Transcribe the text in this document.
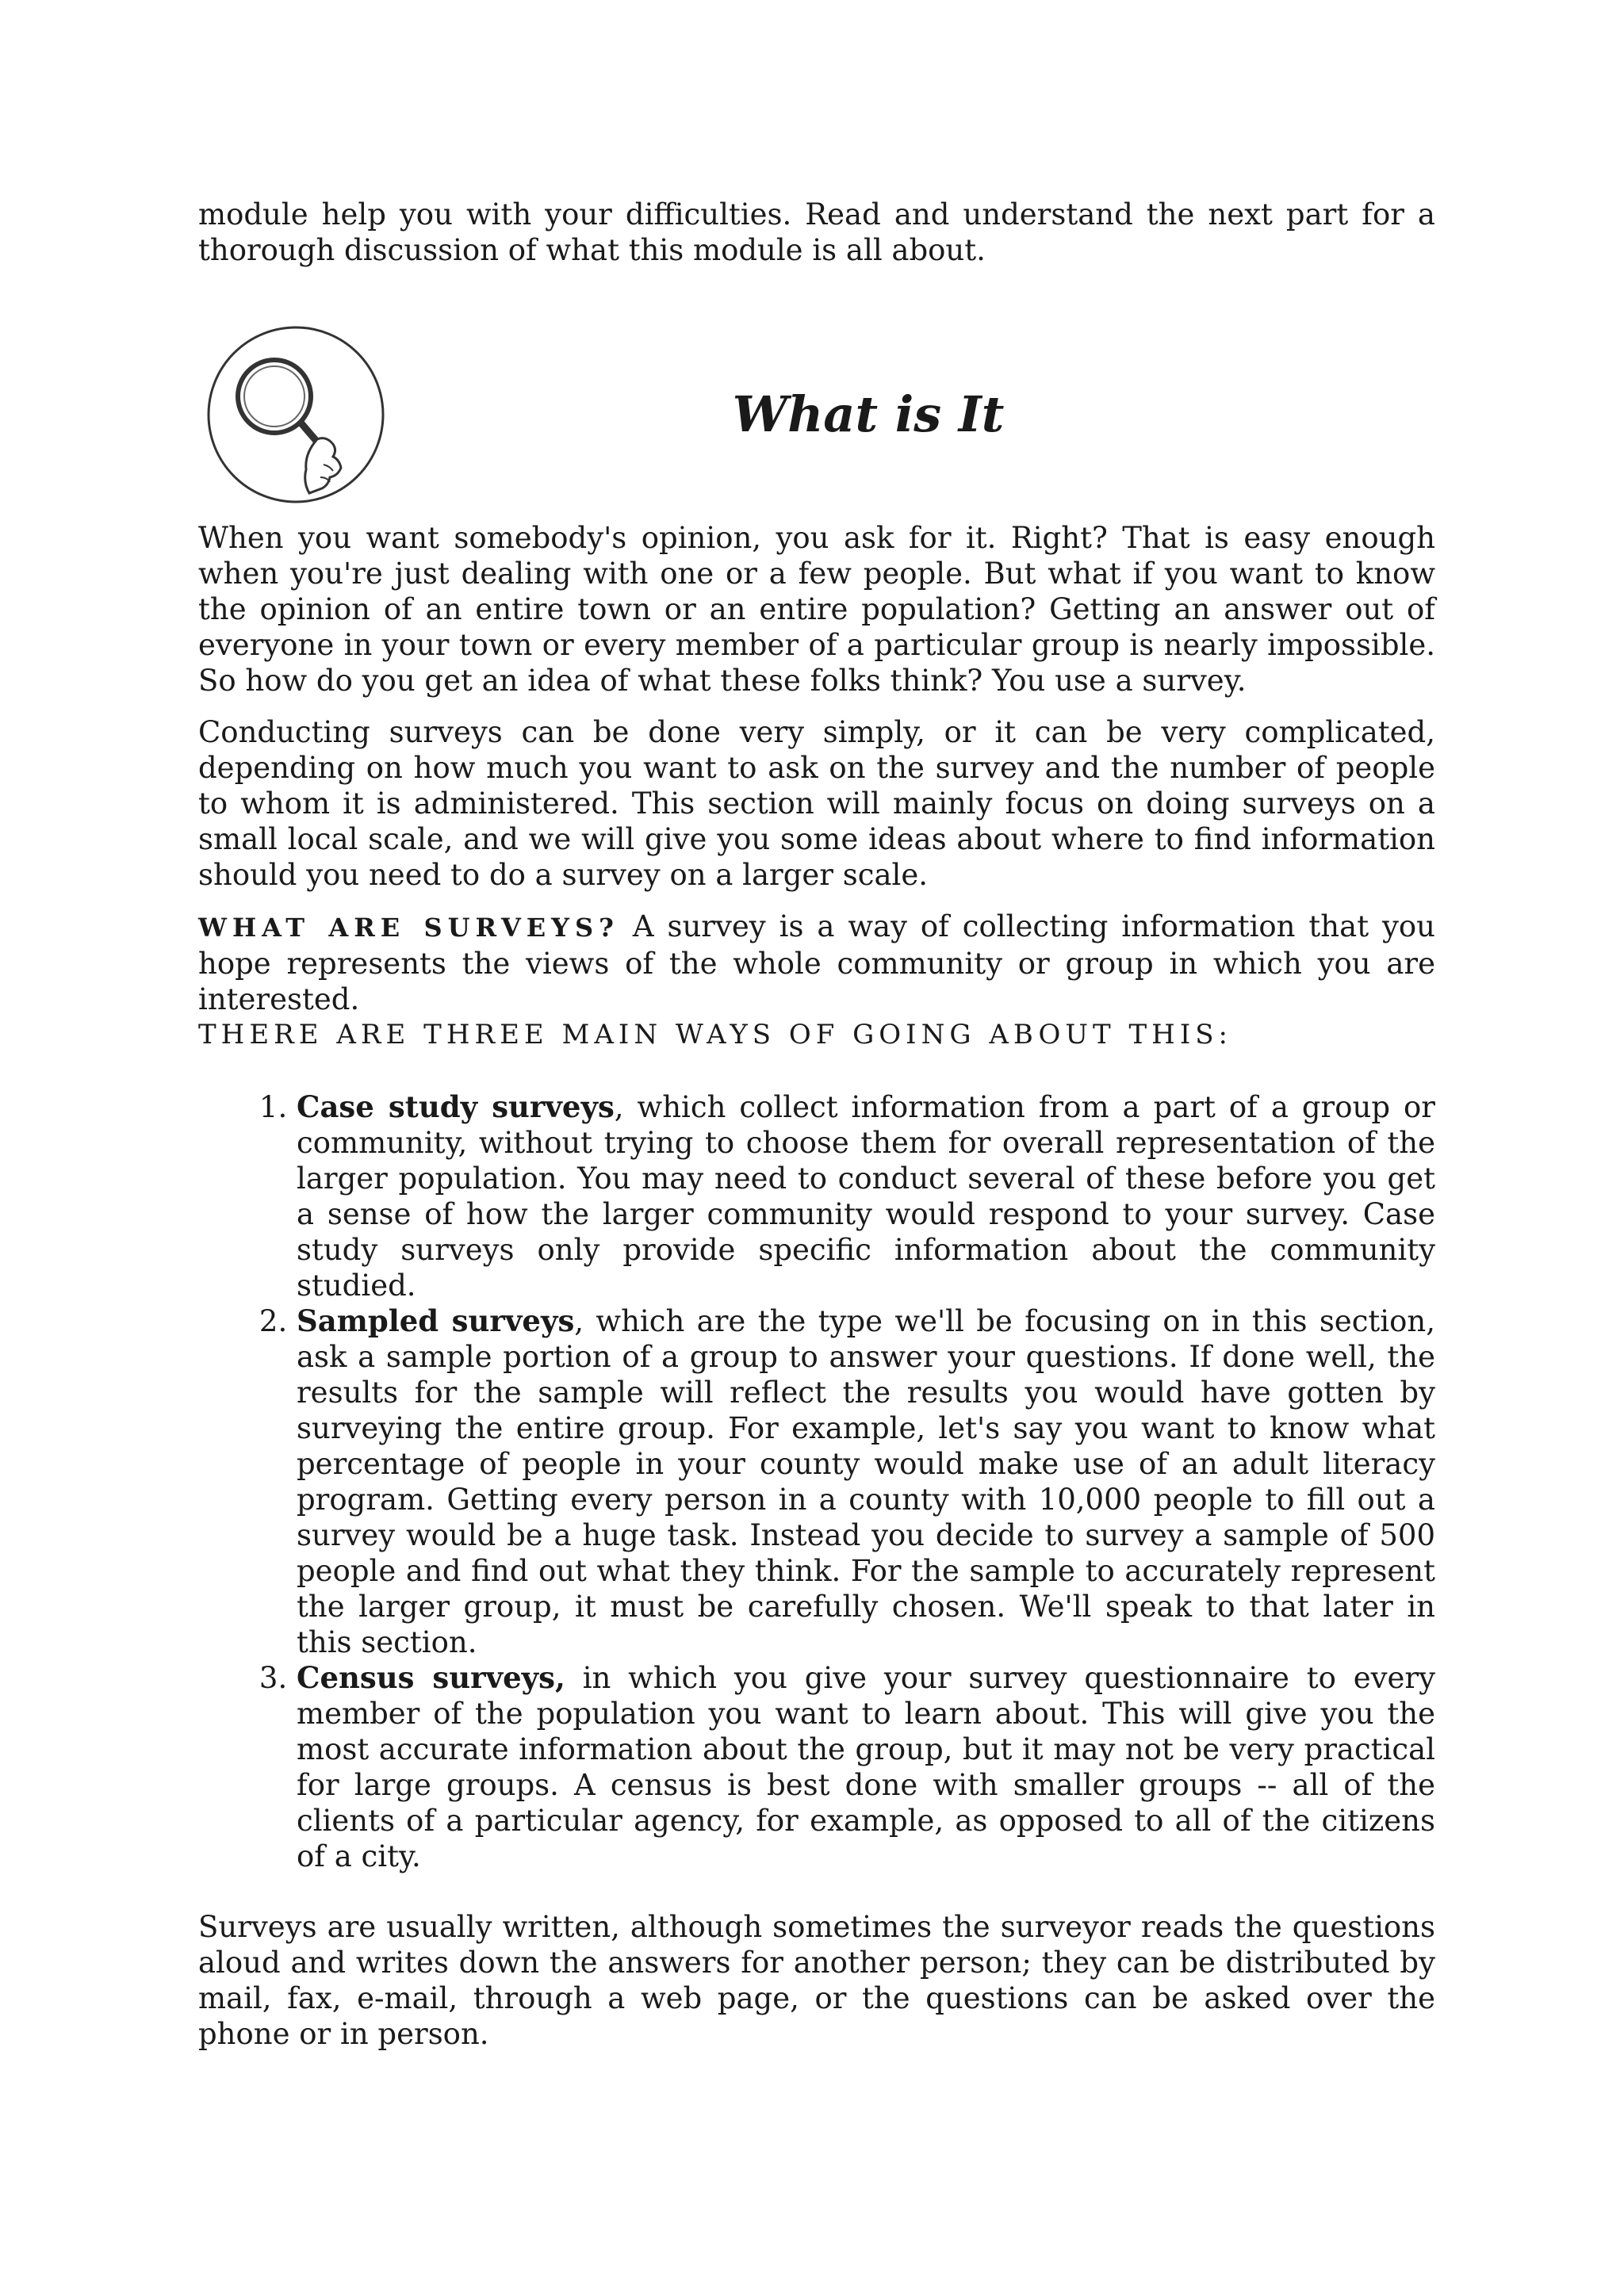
module help you with your difficulties. Read and understand the next part for a thorough discussion of what this module is all about.

What is It

When you want somebody's opinion, you ask for it. Right? That is easy enough when you're just dealing with one or a few people. But what if you want to know the opinion of an entire town or an entire population? Getting an answer out of everyone in your town or every member of a particular group is nearly impossible. So how do you get an idea of what these folks think? You use a survey.

Conducting surveys can be done very simply, or it can be very complicated, depending on how much you want to ask on the survey and the number of people to whom it is administered. This section will mainly focus on doing surveys on a small local scale, and we will give you some ideas about where to find information should you need to do a survey on a larger scale.

WHAT ARE SURVEYS? A survey is a way of collecting information that you hope represents the views of the whole community or group in which you are interested.

THERE ARE THREE MAIN WAYS OF GOING ABOUT THIS:

1. Case study surveys, which collect information from a part of a group or community, without trying to choose them for overall representation of the larger population. You may need to conduct several of these before you get a sense of how the larger community would respond to your survey. Case study surveys only provide specific information about the community studied.
2. Sampled surveys, which are the type we'll be focusing on in this section, ask a sample portion of a group to answer your questions. If done well, the results for the sample will reflect the results you would have gotten by surveying the entire group. For example, let's say you want to know what percentage of people in your county would make use of an adult literacy program. Getting every person in a county with 10,000 people to fill out a survey would be a huge task. Instead you decide to survey a sample of 500 people and find out what they think. For the sample to accurately represent the larger group, it must be carefully chosen. We'll speak to that later in this section.
3. Census surveys, in which you give your survey questionnaire to every member of the population you want to learn about. This will give you the most accurate information about the group, but it may not be very practical for large groups. A census is best done with smaller groups -- all of the clients of a particular agency, for example, as opposed to all of the citizens of a city.

Surveys are usually written, although sometimes the surveyor reads the questions aloud and writes down the answers for another person; they can be distributed by mail, fax, e-mail, through a web page, or the questions can be asked over the phone or in person.
